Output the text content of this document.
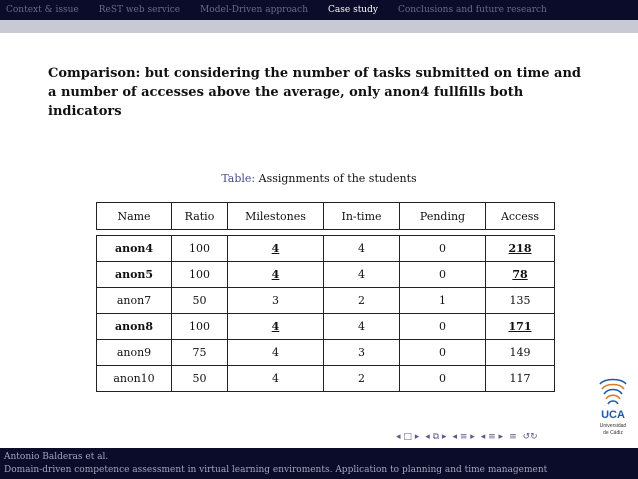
Context & issue	ReST web service	Model-Driven approach	Case study	Conclusions and future research
Comparison: but considering the number of tasks submitted on time and a number of accesses above the average, only anon4 fullfills both indicators
Table: Assignments of the students
Name	Ratio	Milestones	In-time	Pending	Access

anon4	100	4	4	0	218
anon5	100	4	4	0	78
anon7	50	3	2	1	135
anon8	100	4	4	0	171
anon9	75	4	3	0	149
anon10	50	4	2	0	117
UCA
Universidad
de Cádiz
◂ □ ▸ ◂ ⧉ ▸ ◂ ≡ ▸ ◂ ≡ ▸ ≡ ↺↻
Antonio Balderas et al.
Domain-driven competence assessment in virtual learning enviroments. Application to planning and time management
